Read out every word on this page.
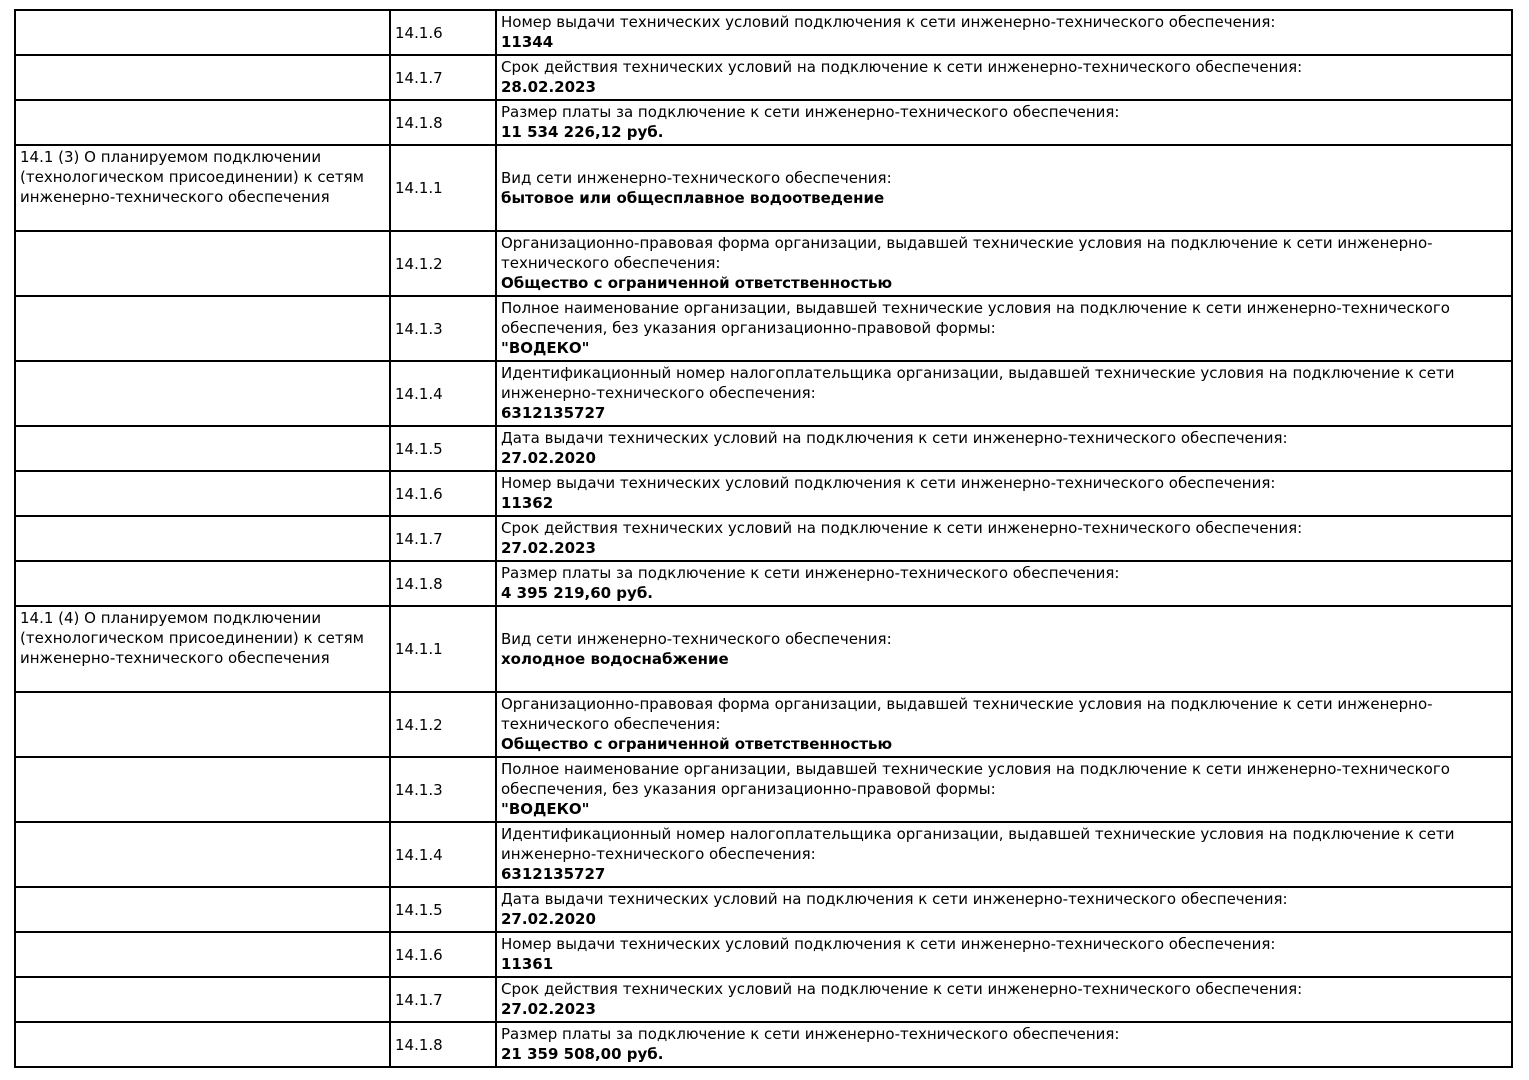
	14.1.6	Номер выдачи технических условий подключения к сети инженерно-технического обеспечения:
11344

	14.1.7	Срок действия технических условий на подключение к сети инженерно-технического обеспечения:
28.02.2023

	14.1.8	Размер платы за подключение к сети инженерно-технического обеспечения:
11 534 226,12 руб.

14.1 (3) О планируемом подключении (технологическом присоединении) к сетям инженерно-технического обеспечения	14.1.1	Вид сети инженерно-технического обеспечения:
бытовое или общесплавное водоотведение

	14.1.2	Организационно-правовая форма организации, выдавшей технические условия на подключение к сети инженерно-технического обеспечения:
Общество с ограниченной ответственностью

	14.1.3	Полное наименование организации, выдавшей технические условия на подключение к сети инженерно-технического обеспечения, без указания организационно-правовой формы:
"ВОДЕКО"

	14.1.4	Идентификационный номер налогоплательщика организации, выдавшей технические условия на подключение к сети инженерно-технического обеспечения:
6312135727

	14.1.5	Дата выдачи технических условий на подключения к сети инженерно-технического обеспечения:
27.02.2020

	14.1.6	Номер выдачи технических условий подключения к сети инженерно-технического обеспечения:
11362

	14.1.7	Срок действия технических условий на подключение к сети инженерно-технического обеспечения:
27.02.2023

	14.1.8	Размер платы за подключение к сети инженерно-технического обеспечения:
4 395 219,60 руб.

14.1 (4) О планируемом подключении (технологическом присоединении) к сетям инженерно-технического обеспечения	14.1.1	Вид сети инженерно-технического обеспечения:
холодное водоснабжение

	14.1.2	Организационно-правовая форма организации, выдавшей технические условия на подключение к сети инженерно-технического обеспечения:
Общество с ограниченной ответственностью

	14.1.3	Полное наименование организации, выдавшей технические условия на подключение к сети инженерно-технического обеспечения, без указания организационно-правовой формы:
"ВОДЕКО"

	14.1.4	Идентификационный номер налогоплательщика организации, выдавшей технические условия на подключение к сети инженерно-технического обеспечения:
6312135727

	14.1.5	Дата выдачи технических условий на подключения к сети инженерно-технического обеспечения:
27.02.2020

	14.1.6	Номер выдачи технических условий подключения к сети инженерно-технического обеспечения:
11361

	14.1.7	Срок действия технических условий на подключение к сети инженерно-технического обеспечения:
27.02.2023

	14.1.8	Размер платы за подключение к сети инженерно-технического обеспечения:
21 359 508,00 руб.
